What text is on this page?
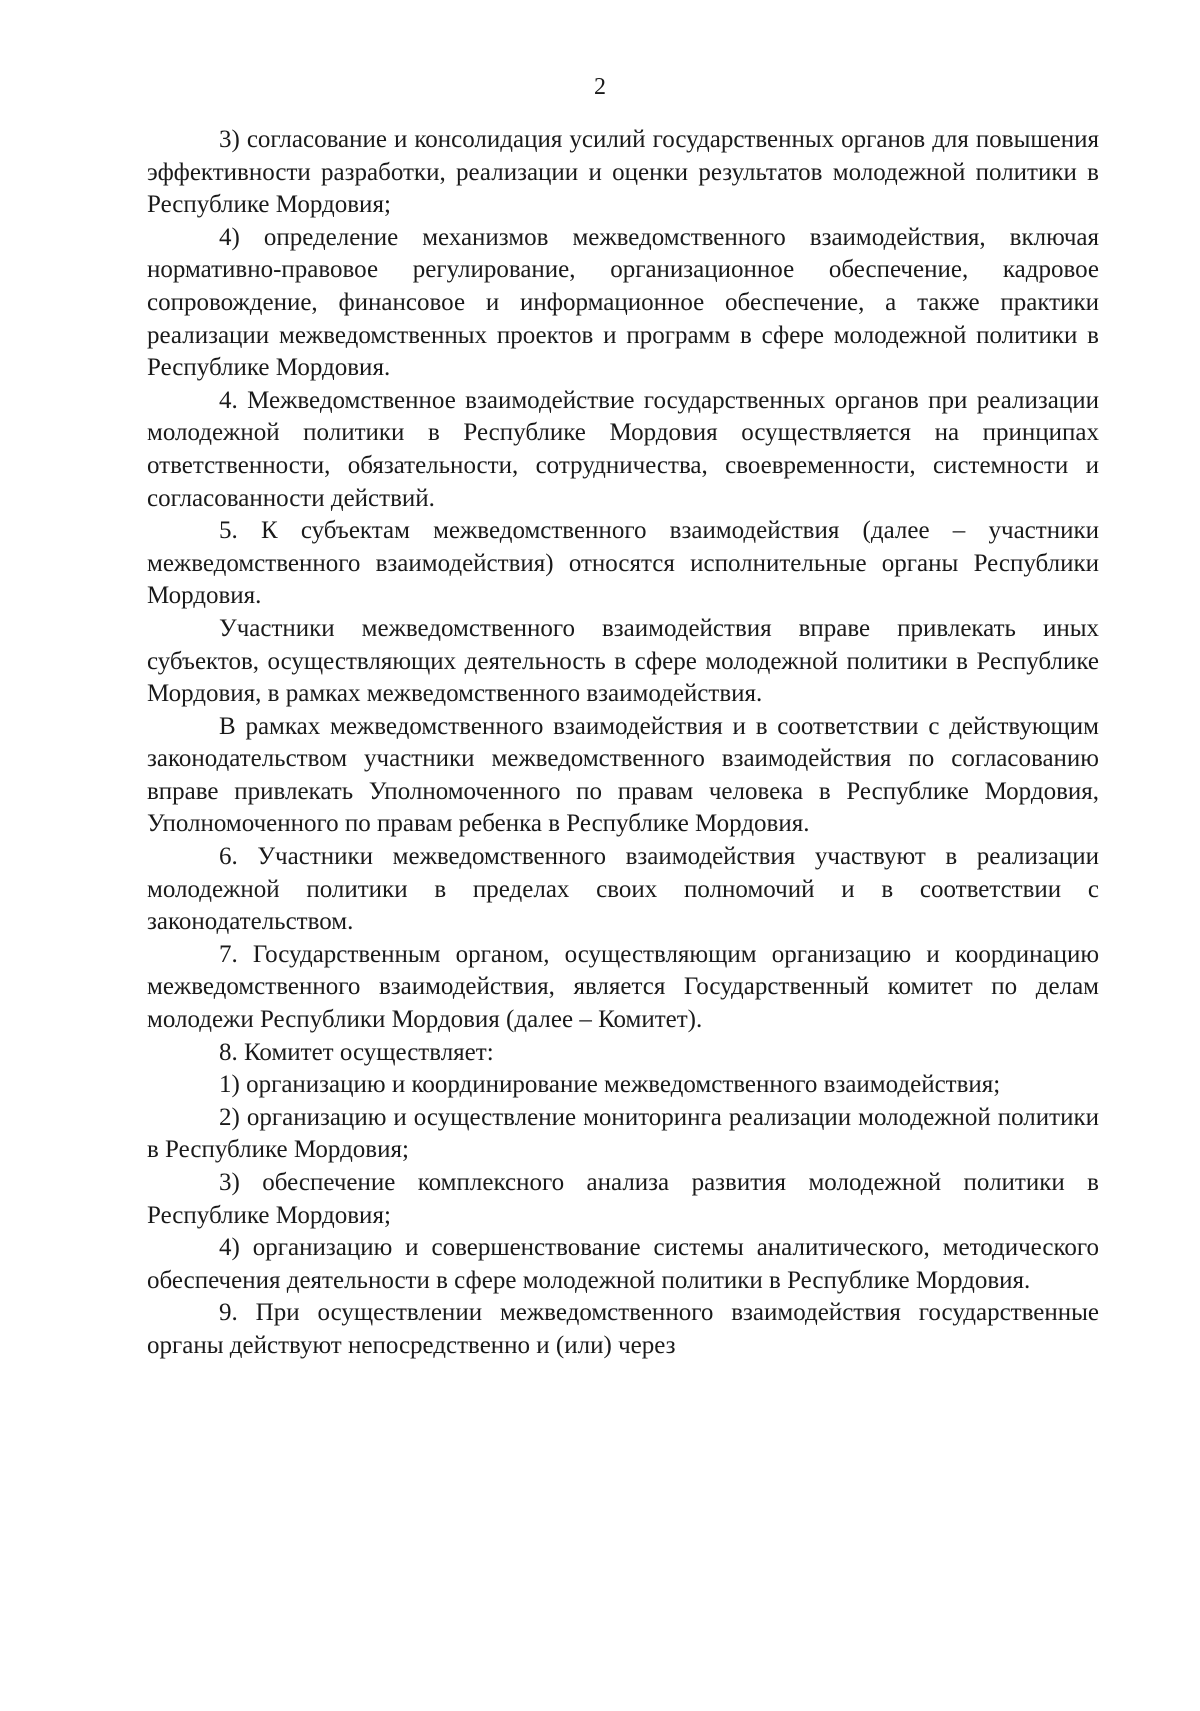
2

3) согласование и консолидация усилий государственных органов для повышения эффективности разработки, реализации и оценки результатов молодежной политики в Республике Мордовия;

4) определение механизмов межведомственного взаимодействия, включая нормативно-правовое регулирование, организационное обеспечение, кадровое сопровождение, финансовое и информационное обеспечение, а также практики реализации межведомственных проектов и программ в сфере молодежной политики в Республике Мордовия.

4. Межведомственное взаимодействие государственных органов при реализации молодежной политики в Республике Мордовия осуществляется на принципах ответственности, обязательности, сотрудничества, своевременности, системности и согласованности действий.

5. К субъектам межведомственного взаимодействия (далее – участники межведомственного взаимодействия) относятся исполнительные органы Республики Мордовия.

Участники межведомственного взаимодействия вправе привлекать иных субъектов, осуществляющих деятельность в сфере молодежной политики в Республике Мордовия, в рамках межведомственного взаимодействия.

В рамках межведомственного взаимодействия и в соответствии с действующим законодательством участники межведомственного взаимодействия по согласованию вправе привлекать Уполномоченного по правам человека в Республике Мордовия, Уполномоченного по правам ребенка в Республике Мордовия.

6. Участники межведомственного взаимодействия участвуют в реализации молодежной политики в пределах своих полномочий и в соответствии с законодательством.

7. Государственным органом, осуществляющим организацию и координацию межведомственного взаимодействия, является Государственный комитет по делам молодежи Республики Мордовия (далее – Комитет).

8. Комитет осуществляет:

1) организацию и координирование межведомственного взаимодействия;

2) организацию и осуществление мониторинга реализации молодежной политики в Республике Мордовия;

3) обеспечение комплексного анализа развития молодежной политики в Республике Мордовия;

4) организацию и совершенствование системы аналитического, методического обеспечения деятельности в сфере молодежной политики в Республике Мордовия.

9. При осуществлении межведомственного взаимодействия государственные органы действуют непосредственно и (или) через
